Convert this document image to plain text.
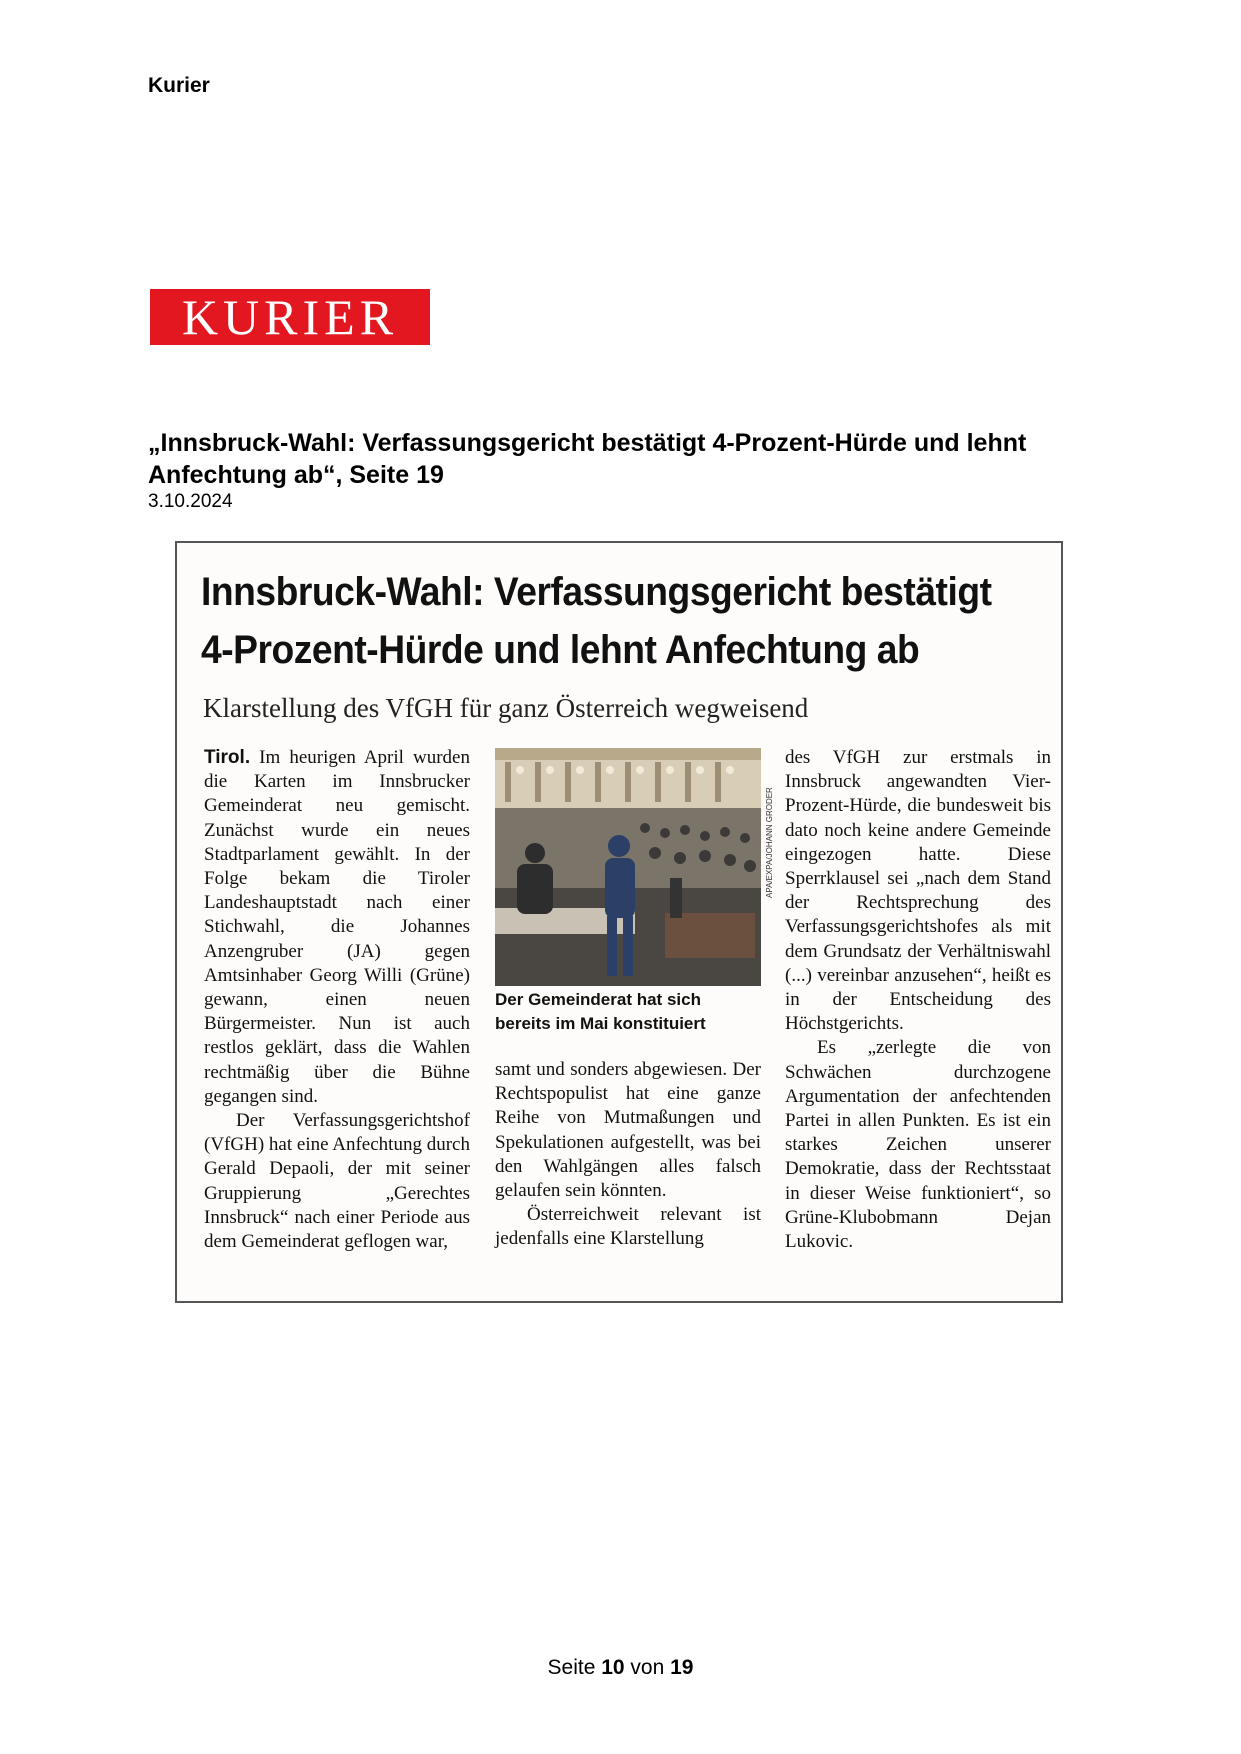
Kurier
KURIER
„Innsbruck-Wahl: Verfassungsgericht bestätigt 4-Prozent-Hürde und lehnt Anfechtung ab“, Seite 19
3.10.2024
Innsbruck-Wahl: Verfassungsgericht bestätigt
4-Prozent-Hürde und lehnt Anfechtung ab
Klarstellung des VfGH für ganz Österreich wegweisend

Tirol. Im heurigen April wurden die Karten im Innsbrucker Gemeinderat neu gemischt. Zunächst wurde ein neues Stadtparlament gewählt. In der Folge bekam die Tiroler Landeshauptstadt nach einer Stichwahl, die Johannes Anzengruber (JA) gegen Amtsinhaber Georg Willi (Grüne) gewann, einen neuen Bürgermeister. Nun ist auch restlos geklärt, dass die Wahlen rechtmäßig über die Bühne gegangen sind.

Der Verfassungsgerichtshof (VfGH) hat eine Anfechtung durch Gerald Depaoli, der mit seiner Gruppierung „Gerechtes Innsbruck“ nach einer Periode aus dem Gemeinderat geflogen war,

APA/EXPA/JOHANN GRODER
Der Gemeinderat hat sich bereits im Mai konstituiert

samt und sonders abgewiesen. Der Rechtspopulist hat eine ganze Reihe von Mutmaßungen und Spekulationen aufgestellt, was bei den Wahlgängen alles falsch gelaufen sein könnten.

Österreichweit relevant ist jedenfalls eine Klarstellung

des VfGH zur erstmals in Innsbruck angewandten Vier-Prozent-Hürde, die bundesweit bis dato noch keine andere Gemeinde eingezogen hatte. Diese Sperrklausel sei „nach dem Stand der Rechtsprechung des Verfassungsgerichtshofes als mit dem Grundsatz der Verhältniswahl (...) vereinbar anzusehen“, heißt es in der Entscheidung des Höchstgerichts.

Es „zerlegte die von Schwächen durchzogene Argumentation der anfechtenden Partei in allen Punkten. Es ist ein starkes Zeichen unserer Demokratie, dass der Rechtsstaat in dieser Weise funktioniert“, so Grüne-Klubobmann Dejan Lukovic.

Seite 10 von 19
